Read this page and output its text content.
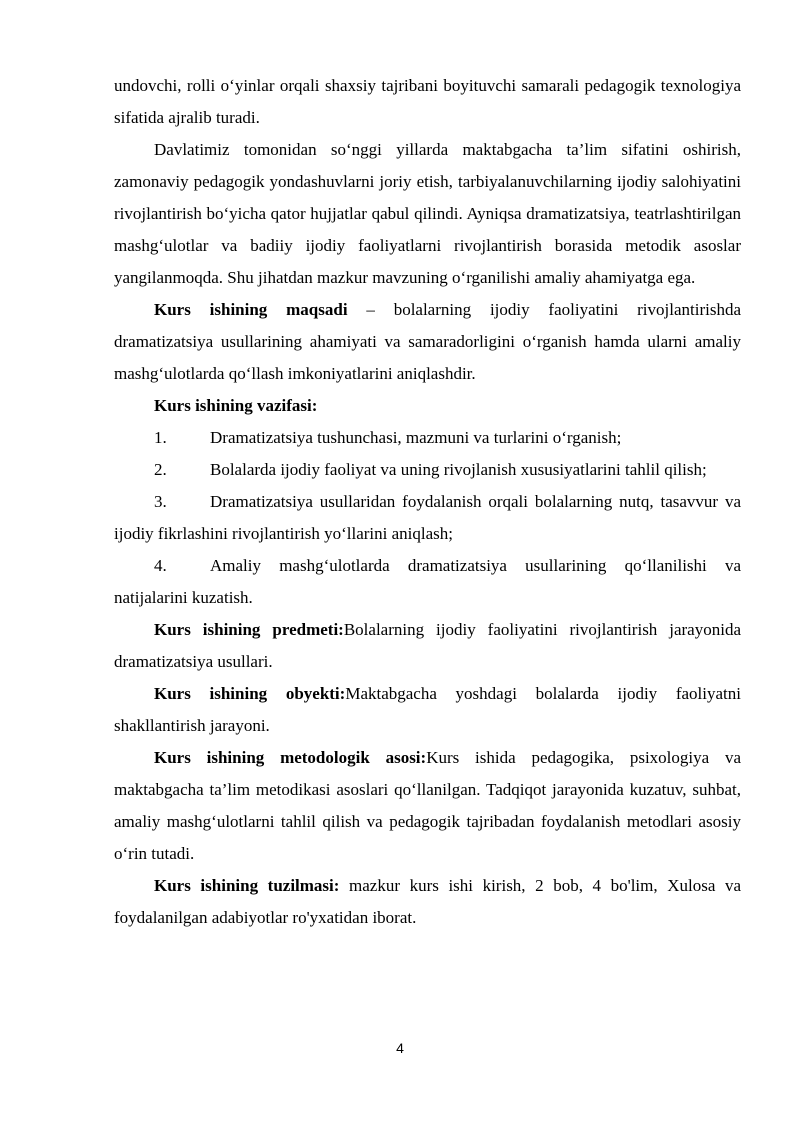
undovchi, rolli o‘yinlar orqali shaxsiy tajribani boyituvchi samarali pedagogik texnologiya sifatida ajralib turadi.

Davlatimiz tomonidan so‘nggi yillarda maktabgacha ta’lim sifatini oshirish, zamonaviy pedagogik yondashuvlarni joriy etish, tarbiyalanuvchilarning ijodiy salohiyatini rivojlantirish bo‘yicha qator hujjatlar qabul qilindi. Ayniqsa dramatizatsiya, teatrlashtirilgan mashg‘ulotlar va badiiy ijodiy faoliyatlarni rivojlantirish borasida metodik asoslar yangilanmoqda. Shu jihatdan mazkur mavzuning o‘rganilishi amaliy ahamiyatga ega.

Kurs ishining maqsadi – bolalarning ijodiy faoliyatini rivojlantirishda dramatizatsiya usullarining ahamiyati va samaradorligini o‘rganish hamda ularni amaliy mashg‘ulotlarda qo‘llash imkoniyatlarini aniqlashdir.

Kurs ishining vazifasi:

1.	Dramatizatsiya tushunchasi, mazmuni va turlarini o‘rganish;

2.	Bolalarda ijodiy faoliyat va uning rivojlanish xususiyatlarini tahlil qilish;

3.	Dramatizatsiya usullaridan foydalanish orqali bolalarning nutq, tasavvur va ijodiy fikrlashini rivojlantirish yo‘llarini aniqlash;

4.	Amaliy mashg‘ulotlarda dramatizatsiya usullarining qo‘llanilishi va natijalarini kuzatish.

Kurs ishining predmeti:Bolalarning ijodiy faoliyatini rivojlantirish jarayonida dramatizatsiya usullari.

Kurs ishining obyekti:Maktabgacha yoshdagi bolalarda ijodiy faoliyatni shakllantirish jarayoni.

Kurs ishining metodologik asosi:Kurs ishida pedagogika, psixologiya va maktabgacha ta’lim metodikasi asoslari qo‘llanilgan. Tadqiqot jarayonida kuzatuv, suhbat, amaliy mashg‘ulotlarni tahlil qilish va pedagogik tajribadan foydalanish metodlari asosiy o‘rin tutadi.

Kurs ishining tuzilmasi: mazkur kurs ishi kirish, 2 bob, 4 bo'lim, Xulosa va foydalanilgan adabiyotlar ro'yxatidan iborat.

4
